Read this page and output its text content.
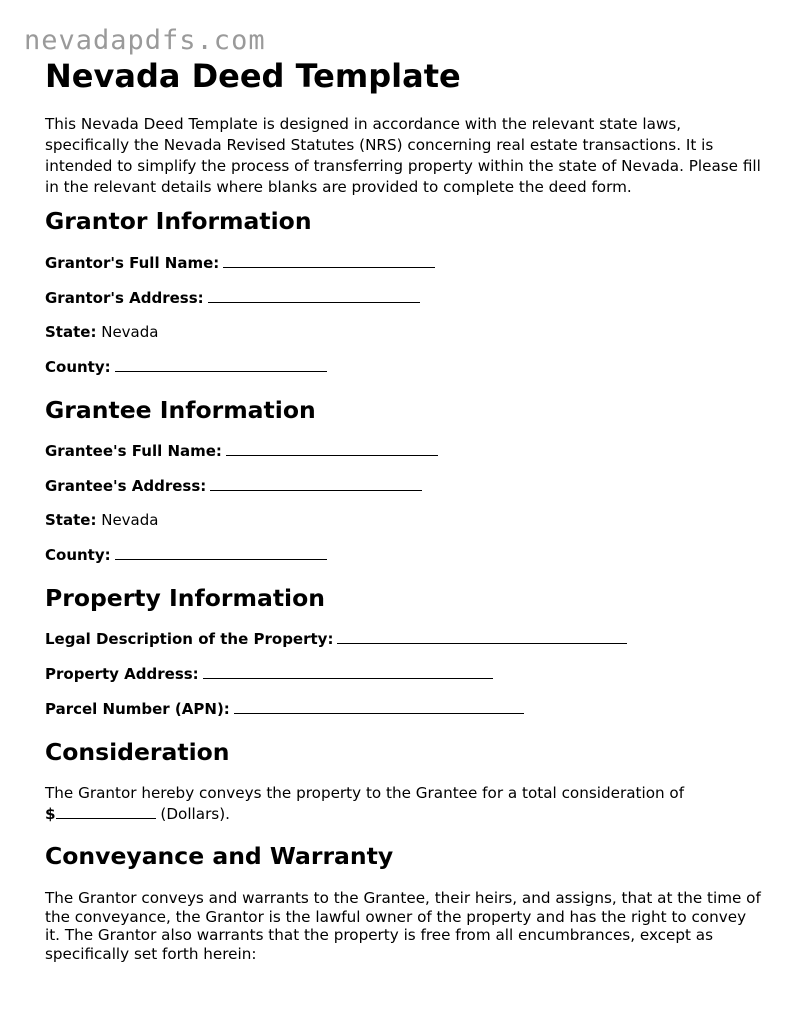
nevadapdfs.com
Nevada Deed Template

This Nevada Deed Template is designed in accordance with the relevant state laws, specifically the Nevada Revised Statutes (NRS) concerning real estate transactions. It is intended to simplify the process of transferring property within the state of Nevada. Please fill in the relevant details where blanks are provided to complete the deed form.

Grantor Information

Grantor's Full Name:

Grantor's Address:

State: Nevada

County:

Grantee Information

Grantee's Full Name:

Grantee's Address:

State: Nevada

County:

Property Information

Legal Description of the Property:

Property Address:

Parcel Number (APN):

Consideration

The Grantor hereby conveys the property to the Grantee for a total consideration of
$	(Dollars).

Conveyance and Warranty

The Grantor conveys and warrants to the Grantee, their heirs, and assigns, that at the time of the conveyance, the Grantor is the lawful owner of the property and has the right to convey it. The Grantor also warrants that the property is free from all encumbrances, except as specifically set forth herein:
